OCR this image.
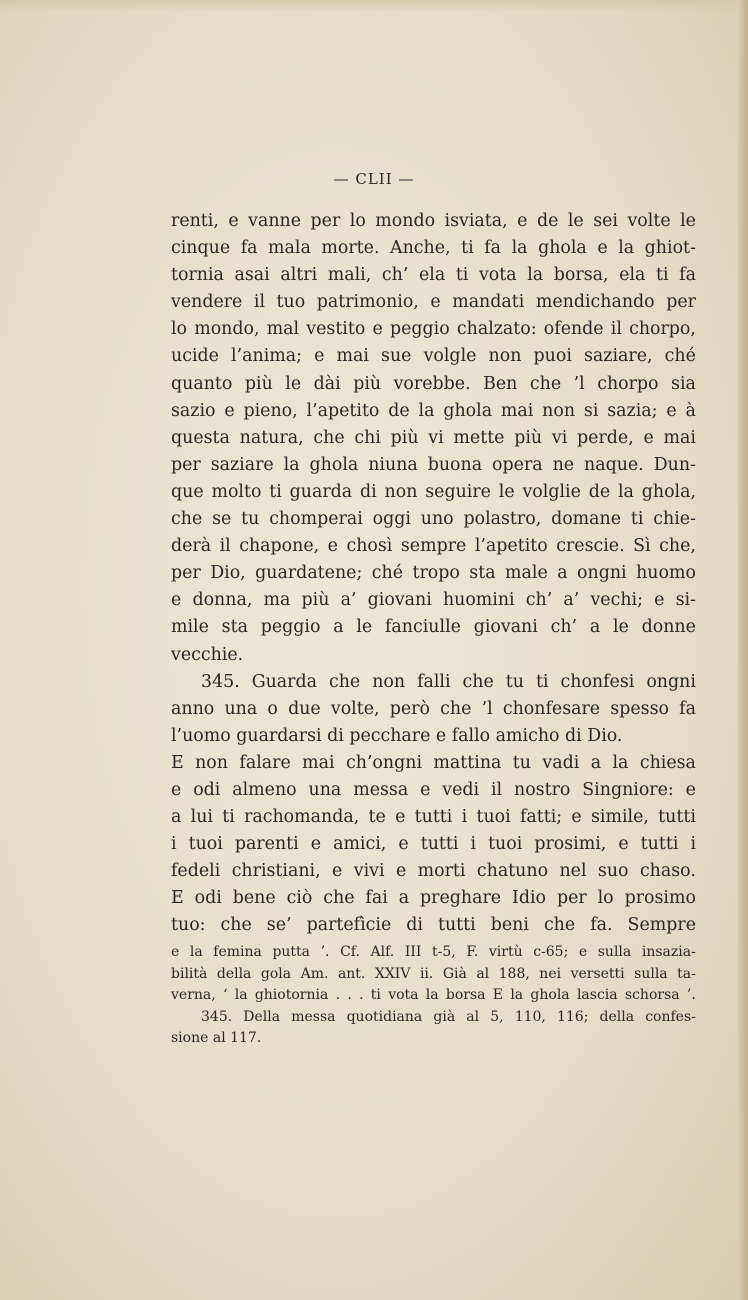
— CLII —
renti, e vanne per lo mondo isviata, e de le sei volte le
cinque fa mala morte. Anche, ti fa la ghola e la ghiot-
tornia asai altri mali, ch’ ela ti vota la borsa, ela ti fa
vendere il tuo patrimonio, e mandati mendichando per
lo mondo, mal vestito e peggio chalzato: ofende il chorpo,
ucide l’anima; e mai sue volgle non puoi saziare, ché
quanto più le dài più vorebbe. Ben che ’l chorpo sia
sazio e pieno, l’apetito de la ghola mai non si sazia; e à
questa natura, che chi più vi mette più vi perde, e mai
per saziare la ghola niuna buona opera ne naque. Dun-
que molto ti guarda di non seguire le volglie de la ghola,
che se tu chomperai oggi uno polastro, domane ti chie-
derà il chapone, e chosì sempre l’apetito crescie. Sì che,
per Dio, guardatene; ché tropo sta male a ongni huomo
e donna, ma più a’ giovani huomini ch’ a’ vechi; e si-
mile sta peggio a le fanciulle giovani ch’ a le donne
vecchie.
345. Guarda che non falli che tu ti chonfesi ongni
anno una o due volte, però che ’l chonfesare spesso fa
l’uomo guardarsi di pecchare e fallo amicho di Dio.
E non falare mai ch’ongni mattina tu vadi a la chiesa
e odi almeno una messa e vedi il nostro Singniore: e
a lui ti rachomanda, te e tutti i tuoi fatti; e simile, tutti
i tuoi parenti e amici, e tutti i tuoi prosimi, e tutti i
fedeli christiani, e vivi e morti chatuno nel suo chaso.
E odi bene ciò che fai a preghare Idio per lo prosimo
tuo: che se’ partefìcie di tutti beni che fa. Sempre
e la femina putta ’. Cf. Alf. III t-5, F. virtù c-65; e sulla insazia-
bilità della gola Am. ant. XXIV ii. Già al 188, nei versetti sulla ta-
verna, ‘ la ghiotornia . . . ti vota la borsa E la ghola lascia schorsa ’.
345. Della messa quotidiana già al 5, 110, 116; della confes-
sione al 117.
